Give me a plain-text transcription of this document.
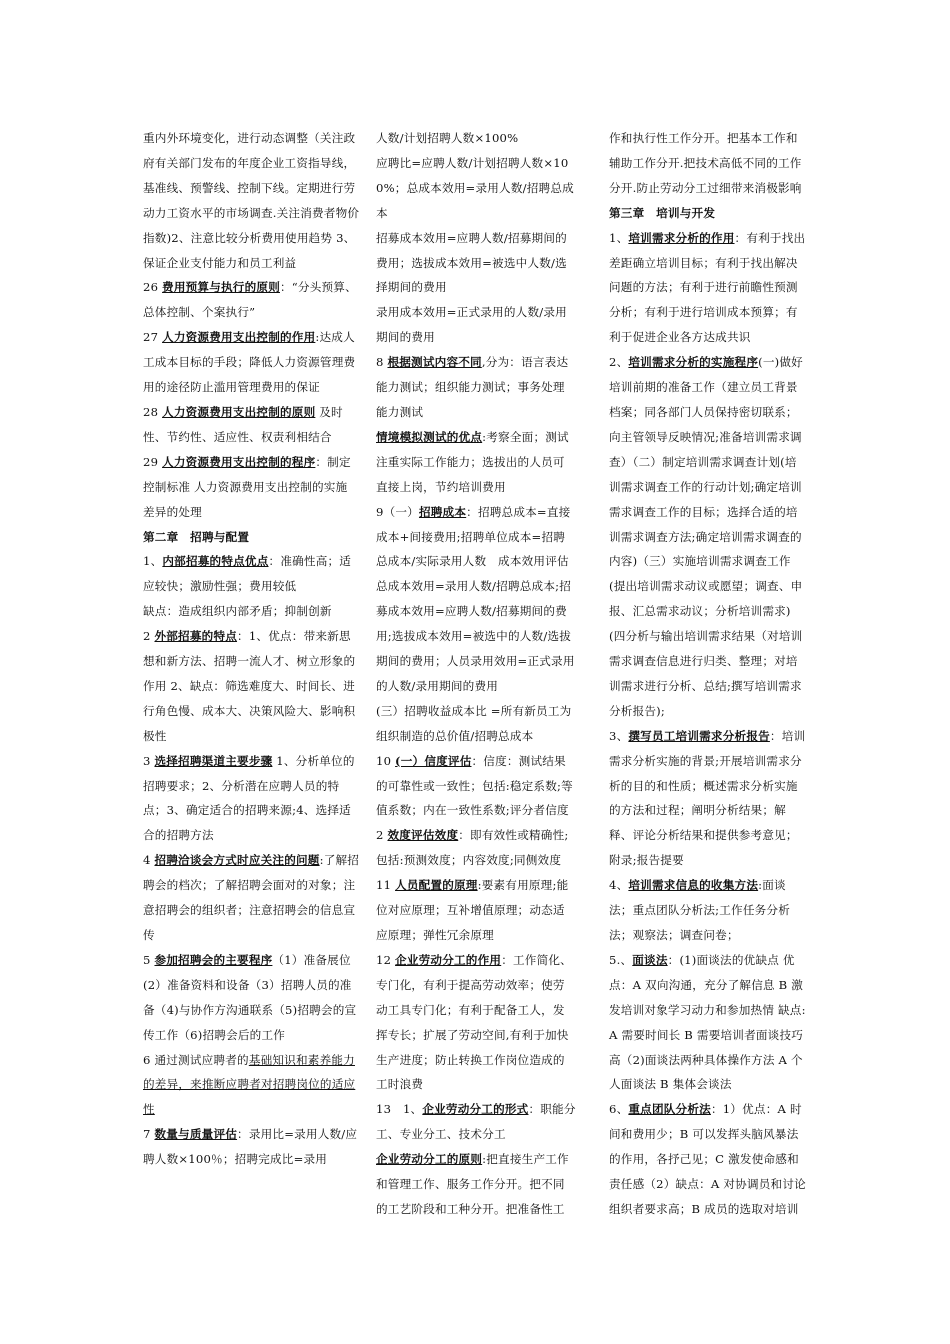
重内外环境变化，进行动态调整（关注政府有关部门发布的年度企业工资指导线，基准线、预警线、控制下线。定期进行劳动力工资水平的市场调查.关注消费者物价指数)2、注意比较分析费用使用趋势 3、保证企业支付能力和员工利益

26 费用预算与执行的原则：“分头预算、总体控制、个案执行”

27 人力资源费用支出控制的作用:达成人工成本目标的手段；降低人力资源管理费用的途径防止滥用管理费用的保证

28 人力资源费用支出控制的原则 及时性、节约性、适应性、权责利相结合

29 人力资源费用支出控制的程序：制定控制标准 人力资源费用支出控制的实施　差异的处理

第二章　招聘与配置

1、内部招募的特点优点：准确性高；适应较快；激励性强；费用较低

缺点：造成组织内部矛盾；抑制创新

2 外部招募的特点：1、优点：带来新思想和新方法、招聘一流人才、树立形象的作用 2、缺点：筛选难度大、时间长、进行角色慢、成本大、决策风险大、影响积极性

3 选择招聘渠道主要步骤 1、分析单位的招聘要求；2、分析潜在应聘人员的特点；3、确定适合的招聘来源;4、选择适合的招聘方法

4 招聘洽谈会方式时应关注的问题:了解招聘会的档次；了解招聘会面对的对象；注意招聘会的组织者；注意招聘会的信息宣传

5 参加招聘会的主要程序（1）准备展位(2）准备资料和设备（3）招聘人员的准备（4)与协作方沟通联系（5)招聘会的宣传工作（6)招聘会后的工作

6 通过测试应聘者的基础知识和素养能力的差异，来推断应聘者对招聘岗位的适应性

7 数量与质量评估：录用比=录用人数/应聘人数×100％；招聘完成比=录用

人数/计划招聘人数×100%

应聘比=应聘人数/计划招聘人数×100%；总成本效用=录用人数/招聘总成本

招募成本效用=应聘人数/招募期间的费用；选拔成本效用=被选中人数/选择期间的费用

录用成本效用=正式录用的人数/录用期间的费用

8 根据测试内容不同,分为：语言表达能力测试；组织能力测试；事务处理能力测试

情境模拟测试的优点:考察全面；测试注重实际工作能力；选拔出的人员可直接上岗，节约培训费用

9（一）招聘成本：招聘总成本=直接成本+间接费用;招聘单位成本=招聘总成本/实际录用人数　成本效用评估总成本效用=录用人数/招聘总成本;招募成本效用=应聘人数/招募期间的费用;选拔成本效用=被选中的人数/选拔期间的费用；人员录用效用=正式录用的人数/录用期间的费用

(三）招聘收益成本比 =所有新员工为组织制造的总价值/招聘总成本

10 (一）信度评估：信度：测试结果的可靠性或一致性；包括:稳定系数;等值系数；内在一致性系数;评分者信度

2 效度评估效度：即有效性或精确性;包括:预测效度；内容效度;同侧效度

11 人员配置的原理:要素有用原理;能位对应原理；互补增值原理；动态适应原理；弹性冗余原理

12 企业劳动分工的作用：工作简化、专门化，有利于提高劳动效率；使劳动工具专门化；有利于配备工人，发挥专长；扩展了劳动空间,有利于加快生产进度；防止转换工作岗位造成的工时浪费

13　1、企业劳动分工的形式：职能分工、专业分工、技术分工

企业劳动分工的原则:把直接生产工作和管理工作、服务工作分开。把不同的工艺阶段和工种分开。把准备性工

作和执行性工作分开。把基本工作和辅助工作分开.把技术高低不同的工作分开.防止劳动分工过细带来消极影响

第三章　培训与开发

1、培训需求分析的作用：有利于找出差距确立培训目标；有利于找出解决问题的方法；有利于进行前瞻性预测分析；有利于进行培训成本预算；有利于促进企业各方达成共识

2、培训需求分析的实施程序(一)做好培训前期的准备工作（建立员工背景档案；同各部门人员保持密切联系；向主管领导反映情况;准备培训需求调查）（二）制定培训需求调查计划(培训需求调查工作的行动计划;确定培训需求调查工作的目标；选择合适的培训需求调查方法;确定培训需求调查的内容)（三）实施培训需求调查工作(提出培训需求动议或愿望；调查、申报、汇总需求动议；分析培训需求)(四分析与输出培训需求结果（对培训需求调查信息进行归类、整理；对培训需求进行分析、总结;撰写培训需求分析报告);

3、撰写员工培训需求分析报告：培训需求分析实施的背景;开展培训需求分析的目的和性质；概述需求分析实施的方法和过程；阐明分析结果；解释、评论分析结果和提供参考意见；附录;报告提要

4、培训需求信息的收集方法:面谈法；重点团队分析法;工作任务分析法；观察法；调查问卷；

5.、面谈法：(1)面谈法的优缺点 优点：A 双向沟通，充分了解信息 B 激发培训对象学习动力和参加热情 缺点:A 需要时间长 B 需要培训者面谈技巧高（2)面谈法两种具体操作方法 A 个人面谈法 B 集体会谈法

6、重点团队分析法：1）优点：A 时间和费用少；B 可以发挥头脑风暴法的作用，各抒己见；C 激发使命感和责任感（2）缺点：A 对协调员和讨论组织者要求高；B 成员的选取对培训
